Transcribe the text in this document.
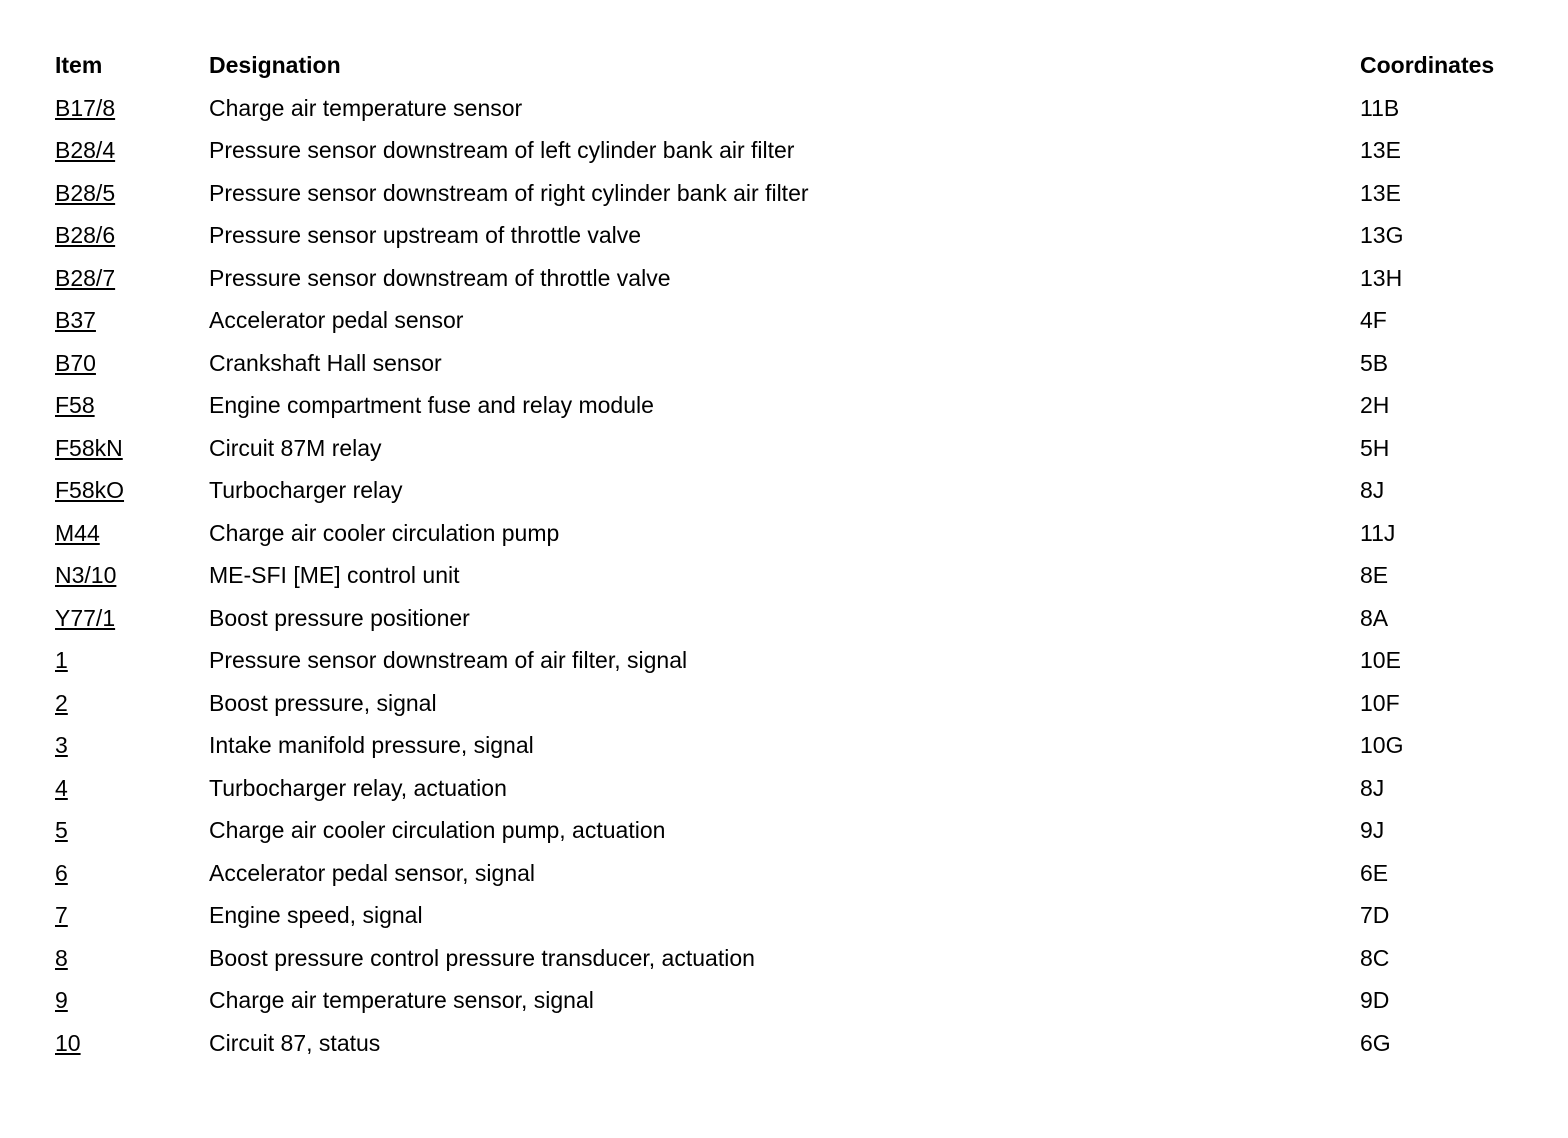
Item	Designation	Coordinates
B17/8	Charge air temperature sensor	11B
B28/4	Pressure sensor downstream of left cylinder bank air filter	13E
B28/5	Pressure sensor downstream of right cylinder bank air filter	13E
B28/6	Pressure sensor upstream of throttle valve	13G
B28/7	Pressure sensor downstream of throttle valve	13H
B37	Accelerator pedal sensor	4F
B70	Crankshaft Hall sensor	5B
F58	Engine compartment fuse and relay module	2H
F58kN	Circuit 87M relay	5H
F58kO	Turbocharger relay	8J
M44	Charge air cooler circulation pump	11J
N3/10	ME-SFI [ME] control unit	8E
Y77/1	Boost pressure positioner	8A
1	Pressure sensor downstream of air filter, signal	10E
2	Boost pressure, signal	10F
3	Intake manifold pressure, signal	10G
4	Turbocharger relay, actuation	8J
5	Charge air cooler circulation pump, actuation	9J
6	Accelerator pedal sensor, signal	6E
7	Engine speed, signal	7D
8	Boost pressure control pressure transducer, actuation	8C
9	Charge air temperature sensor, signal	9D
10	Circuit 87, status	6G
